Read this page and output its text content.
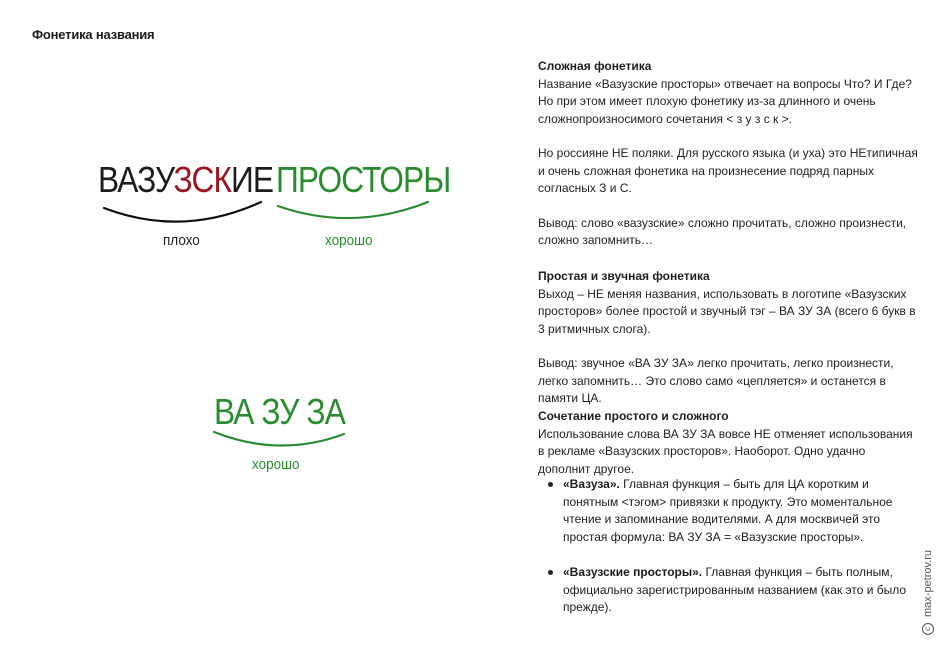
Фонетика названия
ВАЗУЗСКИЕ ПРОСТОРЫ
плохо	хорошо
ВА ЗУ ЗА
хорошо

Сложная фонетика

Название «Вазузские просторы» отвечает на вопросы Что? И Где? Но при этом имеет плохую фонетику из-за длинного и очень сложнопроизносимого сочетания < з у з с к >.

Но россияне НЕ поляки. Для русского языка (и уха) это НЕтипичная и очень сложная фонетика на произнесение подряд парных согласных З и С.

Вывод: слово «вазузские» сложно прочитать, сложно произнести, сложно запомнить…

Простая и звучная фонетика

Выход – НЕ меняя названия, использовать в логотипе «Вазузских просторов» более простой и звучный тэг – ВА ЗУ ЗА (всего 6 букв в 3 ритмичных слога).

Вывод: звучное «ВА ЗУ ЗА» легко прочитать, легко произнести, легко запомнить… Это слово само «цепляется» и останется в памяти ЦА.

Сочетание простого и сложного

Использование слова ВА ЗУ ЗА вовсе НЕ отменяет использования в рекламе «Вазузских просторов». Наоборот. Одно удачно дополнит другое.

«Вазуза». Главная функция – быть для ЦА коротким и понятным <тэгом> привязки к продукту. Это моментальное чтение и запоминание водителями. А для москвичей это простая формула: ВА ЗУ ЗА = «Вазузские просторы».
«Вазузские просторы». Главная функция – быть полным, официально зарегистрированным названием (как это и было прежде).
c
max-petrov.ru
